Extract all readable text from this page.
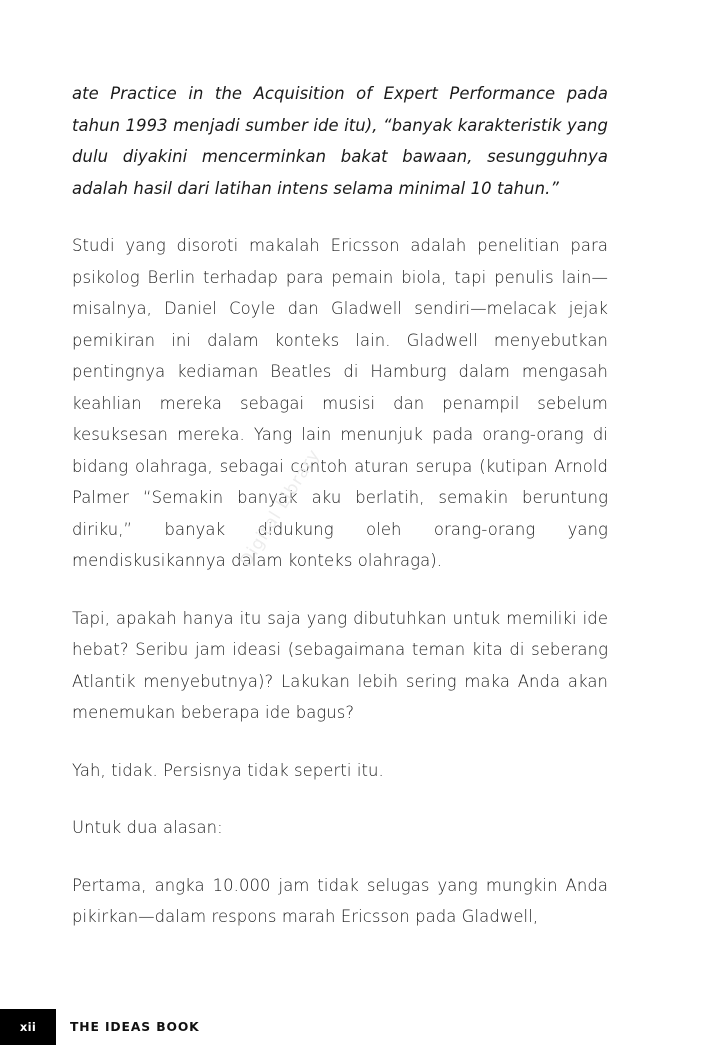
ate Practice in the Acquisition of Expert Performance pada tahun 1993 menjadi sumber ide itu), “banyak karakteristik yang dulu diyakini mencerminkan bakat bawaan, sesungguhnya adalah hasil dari latihan intens selama minimal 10 tahun.”

Studi yang disoroti makalah Ericsson adalah penelitian para psikolog Berlin terhadap para pemain biola, tapi penulis lain—misalnya, Daniel Coyle dan Gladwell sendiri—melacak jejak pemikiran ini dalam konteks lain. Gladwell menyebutkan pentingnya kediaman Beatles di Hamburg dalam mengasah keahlian mereka sebagai musisi dan penampil sebelum kesuksesan mereka. Yang lain menunjuk pada orang-orang di bidang olahraga, sebagai contoh aturan serupa (kutipan Arnold Palmer “Semakin banyak aku berlatih, semakin beruntung diriku,” banyak didukung oleh orang-orang yang mendiskusikannya dalam konteks olahraga).

Tapi, apakah hanya itu saja yang dibutuhkan untuk memiliki ide hebat? Seribu jam ideasi (sebagaimana teman kita di seberang Atlantik menyebutnya)? Lakukan lebih sering maka Anda akan menemukan beberapa ide bagus?

Yah, tidak. Persisnya tidak seperti itu.

Untuk dua alasan:

Pertama, angka 10.000 jam tidak selugas yang mungkin Anda pikirkan—dalam respons marah Ericsson pada Gladwell,

Digital Library
xii	THE IDEAS BOOK
